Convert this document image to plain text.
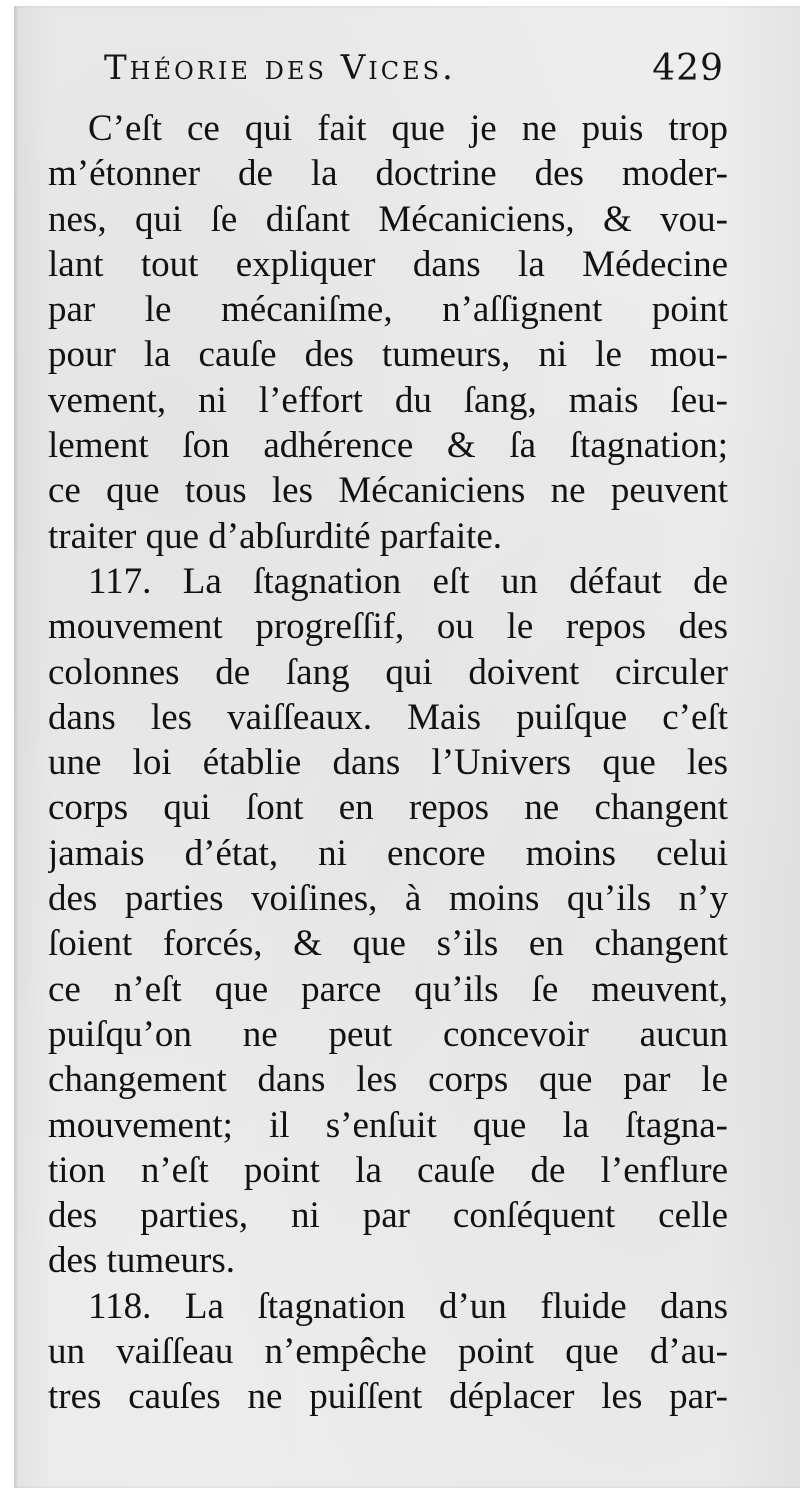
Théorie des Vices.	429
C’eſt ce qui fait que je ne puis trop
m’étonner de la doctrine des moder-
nes, qui ſe diſant Mécaniciens, & vou-
lant tout expliquer dans la Médecine
par le mécaniſme, n’aſſignent point
pour la cauſe des tumeurs, ni le mou-
vement, ni l’effort du ſang, mais ſeu-
lement ſon adhérence & ſa ſtagnation;
ce que tous les Mécaniciens ne peuvent
traiter que d’abſurdité parfaite.
117. La ſtagnation eſt un défaut de
mouvement progreſſif, ou le repos des
colonnes de ſang qui doivent circuler
dans les vaiſſeaux. Mais puiſque c’eſt
une loi établie dans l’Univers que les
corps qui ſont en repos ne changent
jamais d’état, ni encore moins celui
des parties voiſines, à moins qu’ils n’y
ſoient forcés, & que s’ils en changent
ce n’eſt que parce qu’ils ſe meuvent,
puiſqu’on ne peut concevoir aucun
changement dans les corps que par le
mouvement; il s’enſuit que la ſtagna-
tion n’eſt point la cauſe de l’enflure
des parties, ni par conſéquent celle
des tumeurs.
118. La ſtagnation d’un fluide dans
un vaiſſeau n’empêche point que d’au-
tres cauſes ne puiſſent déplacer les par-
